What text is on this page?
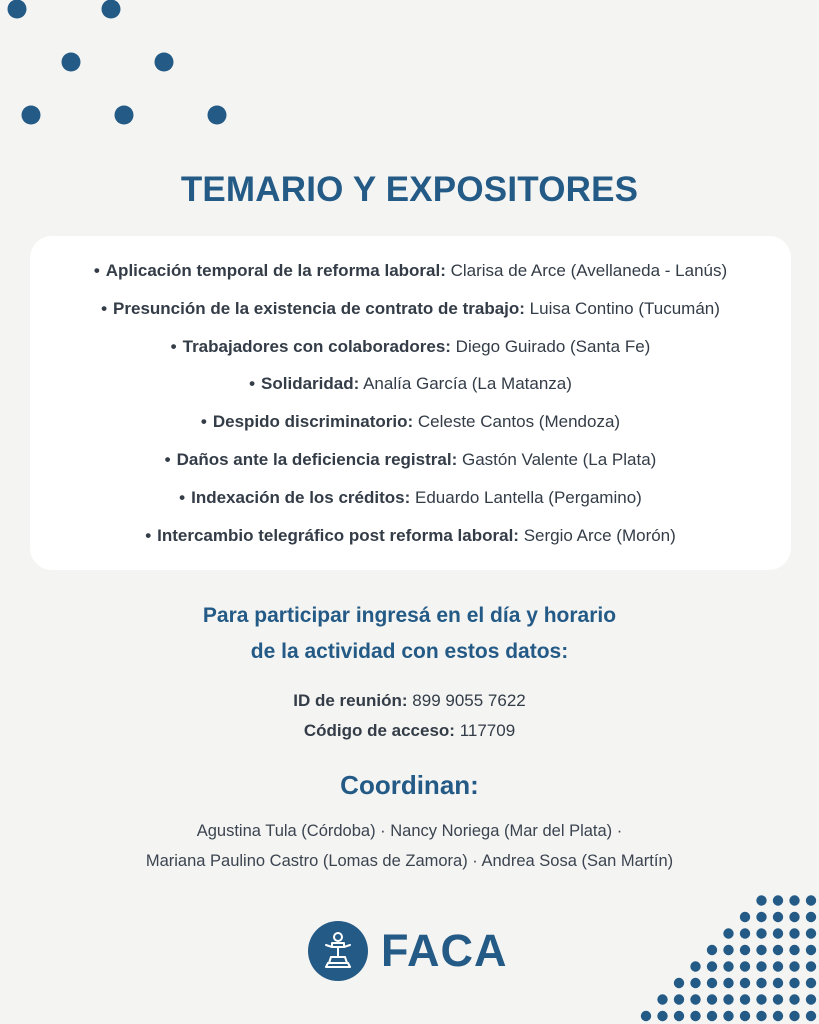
TEMARIO Y EXPOSITORES
• Aplicación temporal de la reforma laboral: Clarisa de Arce (Avellaneda - Lanús)
• Presunción de la existencia de contrato de trabajo: Luisa Contino (Tucumán)
• Trabajadores con colaboradores: Diego Guirado (Santa Fe)
• Solidaridad: Analía García (La Matanza)
• Despido discriminatorio: Celeste Cantos (Mendoza)
• Daños ante la deficiencia registral: Gastón Valente (La Plata)
• Indexación de los créditos: Eduardo Lantella (Pergamino)
• Intercambio telegráfico post reforma laboral: Sergio Arce (Morón)
Para participar ingresá en el día y horario
de la actividad con estos datos:
ID de reunión: 899 9055 7622
Código de acceso: 117709
Coordinan:
Agustina Tula (Córdoba) · Nancy Noriega (Mar del Plata) ·
Mariana Paulino Castro (Lomas de Zamora) · Andrea Sosa (San Martín)
FACA
